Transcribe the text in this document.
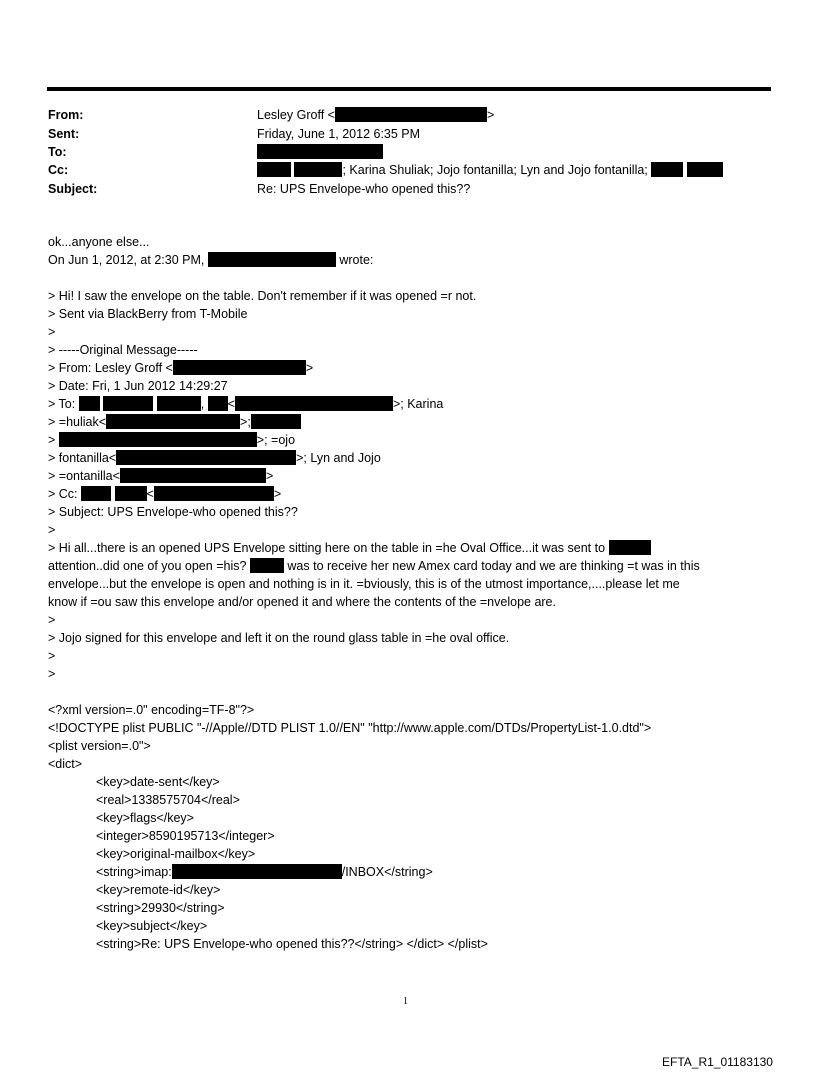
From:	Lesley Groff <	>
Sent:	Friday, June 1, 2012 6:35 PM
To:
Cc:	; Karina Shuliak; Jojo fontanilla; Lyn and Jojo fontanilla;
Subject:	Re: UPS Envelope-who opened this??
ok...anyone else...
On Jun 1, 2012, at 2:30 PM,	wrote:
> Hi! I saw the envelope on the table. Don't remember if it was opened =r not.
> Sent via BlackBerry from T-Mobile
>
> -----Original Message-----
> From: Lesley Groff <	>
> Date: Fri, 1 Jun 2012 14:29:27
> To:	, <	>; Karina
> =huliak<	>;
>	>; =ojo
> fontanilla<	>; Lyn and Jojo
> =ontanilla<	>
> Cc:	<	>
> Subject: UPS Envelope-who opened this??
>
> Hi all...there is an opened UPS Envelope sitting here on the table in =he Oval Office...it was sent to
attention..did one of you open =his?	was to receive her new Amex card today and we are thinking =t was in this
envelope...but the envelope is open and nothing is in it. =bviously, this is of the utmost importance,....please let me
know if =ou saw this envelope and/or opened it and where the contents of the =nvelope are.
>
> Jojo signed for this envelope and left it on the round glass table in =he oval office.
>
>
<?xml version=.0" encoding=TF-8"?>
<!DOCTYPE plist PUBLIC "-//Apple//DTD PLIST 1.0//EN" "http://www.apple.com/DTDs/PropertyList-1.0.dtd">
<plist version=.0">
<dict>
<key>date-sent</key>
<real>1338575704</real>
<key>flags</key>
<integer>8590195713</integer>
<key>original-mailbox</key>
<string>imap:	/INBOX</string>
<key>remote-id</key>
<string>29930</string>
<key>subject</key>
<string>Re: UPS Envelope-who opened this??</string> </dict> </plist>
1
EFTA_R1_01183130
